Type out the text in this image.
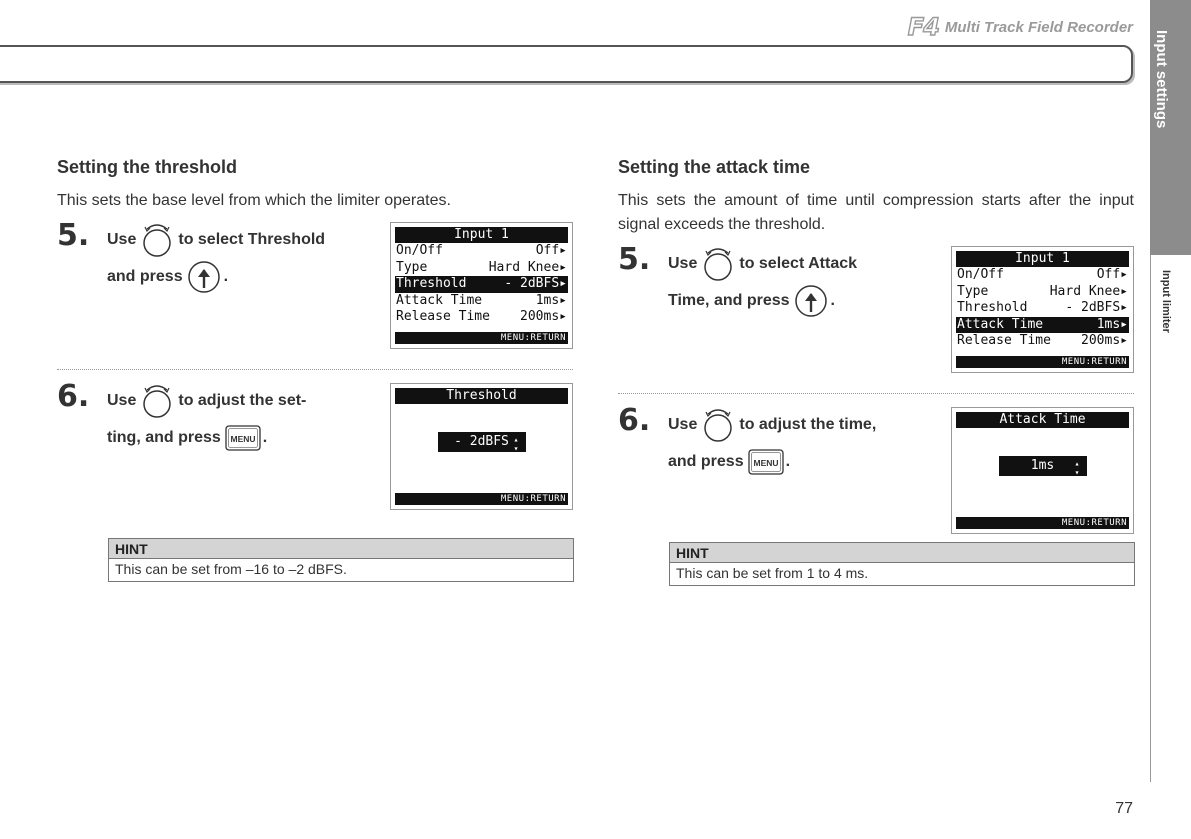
F4 Multi Track Field Recorder
Input settings
Input limiter
Setting the threshold
This sets the base level from which the limiter operates.
5. Use	to select Threshold
and press	.
Input 1
On/Off	Off▸
Type	Hard Knee▸
Threshold	- 2dBFS▸
Attack Time	1ms▸
Release Time 200ms▸
MENU:RETURN
6. Use	to adjust the set-
ting, and press MENU .
Threshold
- 2dBFS ▴▾
MENU:RETURN
HINT
This can be set from –16 to –2 dBFS.
Setting the attack time
This sets the amount of time until compression starts after the input signal exceeds the threshold.
5. Use	to select Attack
Time, and press	.
Input 1
On/Off	Off▸
Type	Hard Knee▸
Threshold	- 2dBFS▸
Attack Time	1ms▸
Release Time 200ms▸
MENU:RETURN
6. Use	to adjust the time,
and press MENU .
Attack Time
1ms ▴▾
MENU:RETURN
HINT
This can be set from 1 to 4 ms.
77
